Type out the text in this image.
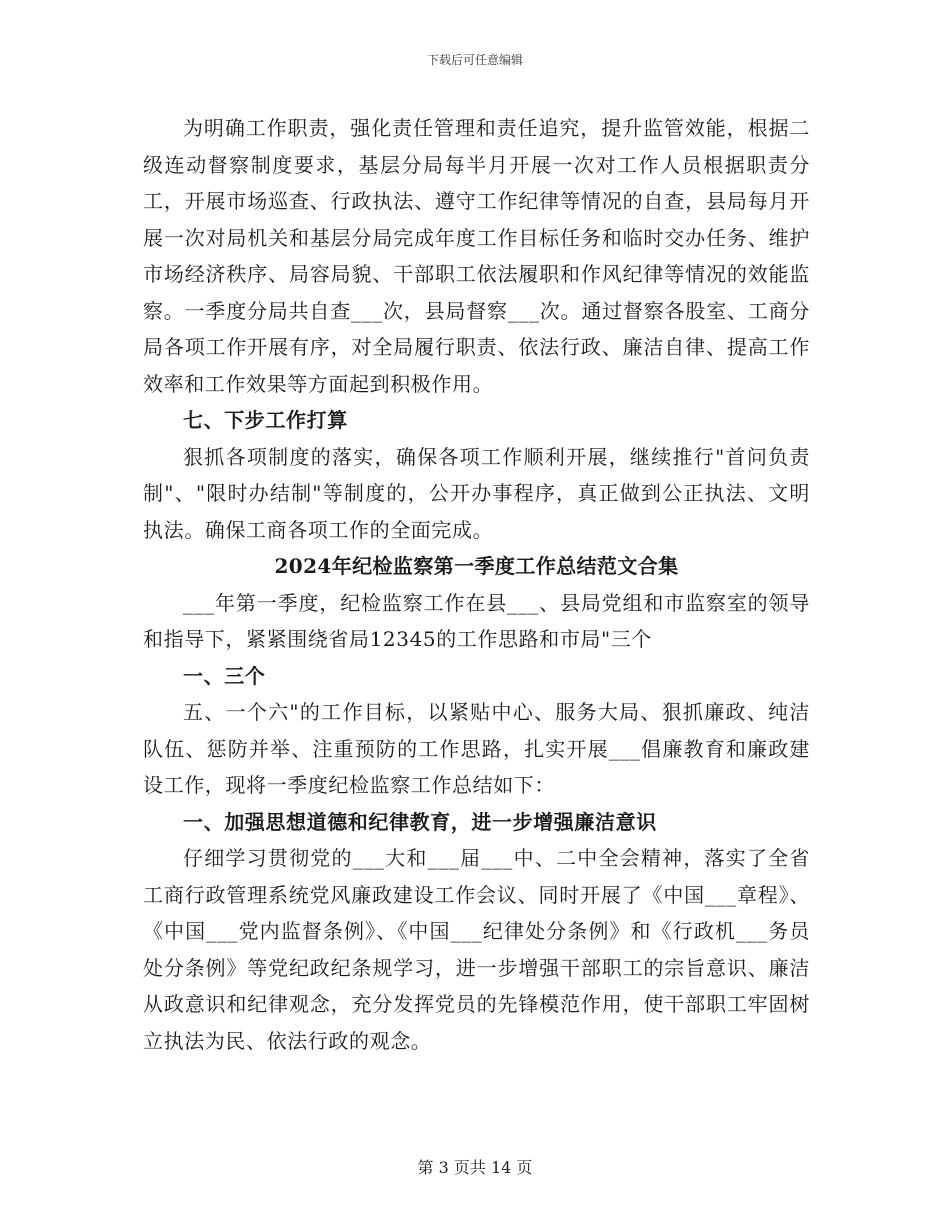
下载后可任意编辑

为明确工作职责，强化责任管理和责任追究，提升监管效能，根据二级连动督察制度要求，基层分局每半月开展一次对工作人员根据职责分工，开展市场巡查、行政执法、遵守工作纪律等情况的自查，县局每月开展一次对局机关和基层分局完成年度工作目标任务和临时交办任务、维护市场经济秩序、局容局貌、干部职工依法履职和作风纪律等情况的效能监察。一季度分局共自查___次，县局督察___次。通过督察各股室、工商分局各项工作开展有序，对全局履行职责、依法行政、廉洁自律、提高工作效率和工作效果等方面起到积极作用。

七、下步工作打算

狠抓各项制度的落实，确保各项工作顺利开展，继续推行"首问负责制"、"限时办结制"等制度的，公开办事程序，真正做到公正执法、文明执法。确保工商各项工作的全面完成。

2024年纪检监察第一季度工作总结范文合集

___年第一季度，纪检监察工作在县___、县局党组和市监察室的领导和指导下，紧紧围绕省局12345的工作思路和市局"三个

一、三个

五、一个六"的工作目标，以紧贴中心、服务大局、狠抓廉政、纯洁队伍、惩防并举、注重预防的工作思路，扎实开展___倡廉教育和廉政建设工作，现将一季度纪检监察工作总结如下：

一、加强思想道德和纪律教育，进一步增强廉洁意识

仔细学习贯彻党的___大和___届___中、二中全会精神，落实了全省工商行政管理系统党风廉政建设工作会议、同时开展了《中国___章程》、《中国___党内监督条例》、《中国___纪律处分条例》和《行政机___务员处分条例》等党纪政纪条规学习，进一步增强干部职工的宗旨意识、廉洁从政意识和纪律观念，充分发挥党员的先锋模范作用，使干部职工牢固树立执法为民、依法行政的观念。

第 3 页共 14 页
